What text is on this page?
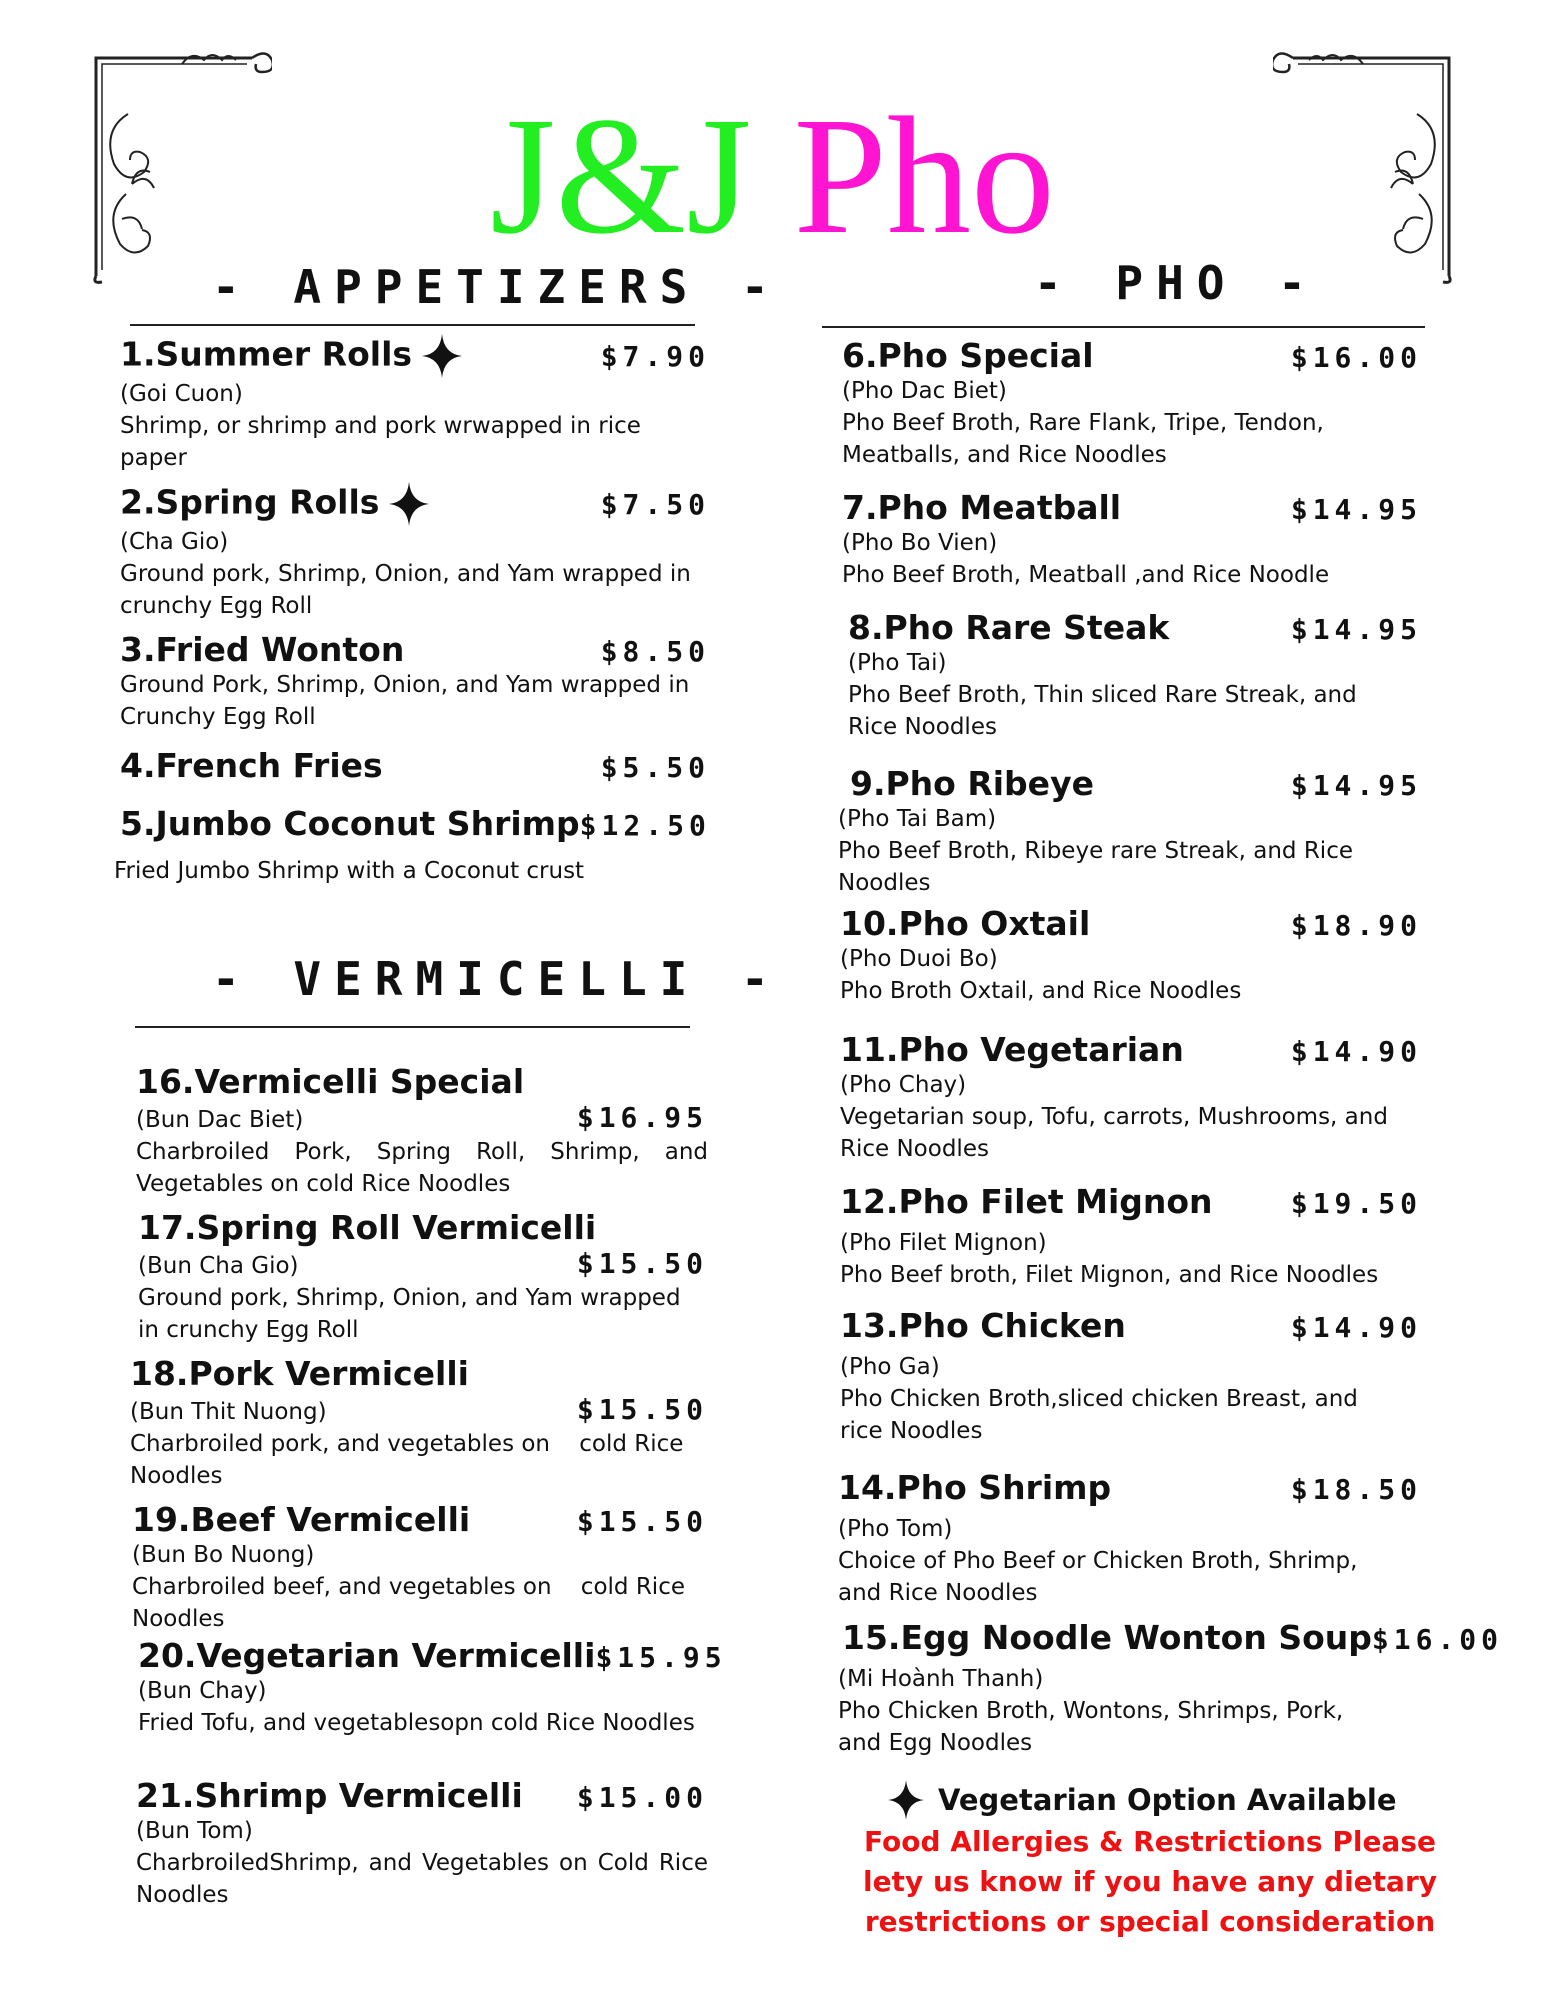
J&J Pho
- APPETIZERS -
1.Summer Rolls	$7.90
(Goi Cuon)
Shrimp, or shrimp and pork wrwapped in rice paper
2.Spring Rolls	$7.50
(Cha Gio)
Ground pork, Shrimp, Onion, and Yam wrapped in crunchy Egg Roll
3.Fried Wonton	$8.50
Ground Pork, Shrimp, Onion, and Yam wrapped in Crunchy Egg Roll
4.French Fries	$5.50
5.Jumbo Coconut Shrimp $12.50
Fried Jumbo Shrimp with a Coconut crust
- VERMICELLI -
16.Vermicelli Special
(Bun Dac Biet)	$16.95
Charbroiled Pork, Spring Roll, Shrimp, and Vegetables on cold Rice Noodles
17.Spring Roll Vermicelli
(Bun Cha Gio)	$15.50
Ground pork, Shrimp, Onion, and Yam wrapped in crunchy Egg Roll
18.Pork Vermicelli
(Bun Thit Nuong)	$15.50
Charbroiled pork, and vegetables on    cold Rice Noodles
19.Beef Vermicelli	$15.50
(Bun Bo Nuong)
Charbroiled beef, and vegetables on    cold Rice Noodles
20.Vegetarian Vermicelli $15.95
(Bun Chay)
Fried Tofu, and vegetablesopn cold Rice Noodles
21.Shrimp Vermicelli $15.00
(Bun Tom)
CharbroiledShrimp, and Vegetables on Cold Rice Noodles
- PHO -
6.Pho Special	$16.00
(Pho Dac Biet)
Pho Beef Broth, Rare Flank, Tripe, Tendon, Meatballs, and Rice Noodles
7.Pho Meatball	$14.95
(Pho Bo Vien)
Pho Beef Broth, Meatball ,and Rice Noodle
8.Pho Rare Steak	$14.95
(Pho Tai)
Pho Beef Broth, Thin sliced Rare Streak, and Rice Noodles
9.Pho Ribeye	$14.95
(Pho Tai Bam)
Pho Beef Broth, Ribeye rare Streak, and Rice Noodles
10.Pho Oxtail	$18.90
(Pho Duoi Bo)
Pho Broth Oxtail, and Rice Noodles
11.Pho Vegetarian	$14.90
(Pho Chay)
Vegetarian soup, Tofu, carrots, Mushrooms, and Rice Noodles
12.Pho Filet Mignon	$19.50
(Pho Filet Mignon)
Pho Beef broth, Filet Mignon, and Rice Noodles
13.Pho Chicken	$14.90
(Pho Ga)
Pho Chicken Broth,sliced chicken Breast, and rice Noodles
14.Pho Shrimp	$18.50
(Pho Tom)
Choice of Pho Beef or Chicken Broth, Shrimp, and Rice Noodles
15.Egg Noodle Wonton Soup $16.00
(Mi Hoành Thanh)
Pho Chicken Broth, Wontons, Shrimps, Pork, and Egg Noodles
Vegetarian Option Available
Food Allergies & Restrictions Please lety us know if you have any dietary restrictions or special consideration
